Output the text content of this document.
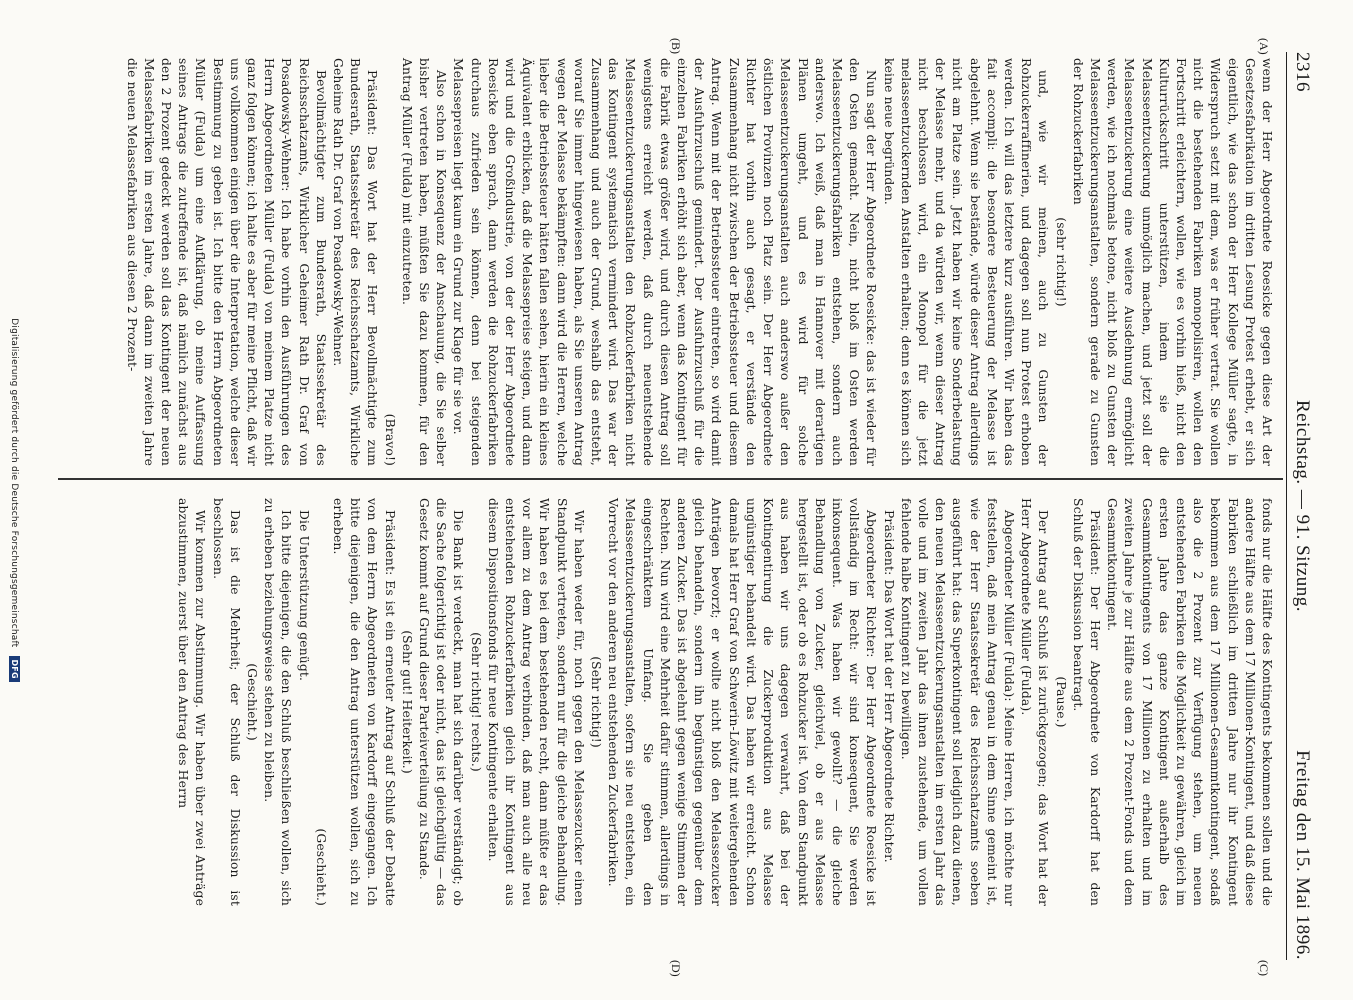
2316
Reichstag. — 91. Sitzung.
Freitag den 15. Mai 1896.
(A)
(B)
(C)
(D)

wenn der Herr Abgeordnete Roesicke gegen diese Art der Gesetzesfabrikation im dritten Lesung Protest erhebt, er sich eigentlich, wie das schon der Herr Kollege Müller sagte, in Widerspruch setzt mit dem, was er früher vertrat. Sie wollen nicht die bestehenden Fabriken monopolisiren, wollen den Fortschritt erleichtern, wollen, wie es vorhin hieß, nicht den Kulturrückschritt unterstützen, indem sie die Melasseentzuckerung unmöglich machen, und jetzt soll der Melasseentzuckerung eine weitere Ausdehnung ermöglicht werden, wie ich nochmals betone, nicht bloß zu Gunsten der Melasseentzuckerungsanstalten, sondern gerade zu Gunsten der Rohzuckerfabriken

(sehr richtig!)

und, wie wir meinen, auch zu Gunsten der Rohzuckerraffinerien, und dagegen soll nun Protest erhoben werden. Ich will das letztere kurz ausführen. Wir haben das fait accompli: die besondere Besteuerung der Melasse ist abgelehnt. Wenn sie bestände, würde dieser Antrag allerdings nicht am Platze sein. Jetzt haben wir keine Sonderbelastung der Melasse mehr, und da würden wir, wenn dieser Antrag nicht beschlossen wird, ein Monopol für die jetzt melasseentzuckernden Anstalten erhalten; denn es können sich keine neue begründen.

Nun sagt der Herr Abgeordnete Roesicke: das ist wieder für den Osten gemacht. Nein, nicht bloß im Osten werden Melasseentzuckerungsfabriken entstehen, sondern auch anderswo. Ich weiß, daß man in Hannover mit derartigen Plänen umgeht, und es wird für solche Melasseentzuckerungsanstalten auch anderswo außer den östlichen Provinzen noch Platz sein. Der Herr Abgeordnete Richter hat vorhin auch gesagt, er verstände den Zusammenhang nicht zwischen der Betriebssteuer und diesem Antrag. Wenn mit der Betriebssteuer eintreten, so wird damit der Ausfuhrzuschuß gemindert. Der Ausfuhrzuschuß für die einzelnen Fabriken erhöht sich aber, wenn das Kontingent für die Fabrik etwas größer wird, und durch diesen Antrag soll wenigstens erreicht werden, daß durch neuentstehende Melasseentzuckerungsanstalten den Rohzuckerfabriken nicht das Kontingent systematisch vermindert wird. Das war der Zusammenhang und auch der Grund, weshalb das entsteht, worauf Sie immer hingewiesen haben, als Sie unseren Antrag wegen der Melasse bekämpften: dann wird die Herren, welche lieber die Betriebssteuer hätten fallen sehen, hierin ein kleines Äquivalent erblicken, daß die Melassepreise steigen, und dann wird und die Großindustrie, von der der Herr Abgeordnete Roesicke eben sprach, dann werden die Rohzuckerfabriken durchaus zufrieden sein können, denn bei steigenden Melassepreisen liegt kaum ein Grund zur Klage für sie vor.

Also schon in Konsequenz der Anschauung, die Sie selber bisher vertreten haben, müßten Sie dazu kommen, für den Antrag Müller (Fulda) mit einzutreten.

(Bravo!)

Präsident: Das Wort hat der Herr Bevollmächtigte zum Bundesrath, Staatssekretär des Reichsschatzamts, Wirkliche Geheime Rath Dr. Graf von Posadowsky-Wehner.

Bevollmächtigter zum Bundesrath, Staatssekretär des Reichsschatzamts, Wirklicher Geheimer Rath Dr. Graf von Posadowsky-Wehner: Ich habe vorhin den Ausführungen des Herrn Abgeordneten Müller (Fulda) von meinem Platze nicht ganz folgen können; ich halte es aber für meine Pflicht, daß wir uns vollkommen einigen über die Interpretation, welche dieser Bestimmung zu geben ist. Ich bitte den Herrn Abgeordneten Müller (Fulda) um eine Aufklärung, ob meine Auffassung seines Antrags die zutreffende ist, daß nämlich zunächst aus den 2 Prozent gedeckt werden soll das Kontingent der neuen Melassefabriken im ersten Jahre, daß dann im zweiten Jahre die neuen Melassefabriken aus diesen 2 Prozent-

fonds nur die Hälfte des Kontingents bekommen sollen und die andere Hälfte aus dem 17 Millionen-Kontingent, und daß diese Fabriken schließlich im dritten Jahre nur ihr Kontingent bekommen aus dem 17 Millionen-Gesammtkontingent, sodaß also die 2 Prozent zur Verfügung stehen, um neuen entstehenden Fabriken die Möglichkeit zu gewähren, gleich im ersten Jahre das ganze Kontingent außerhalb des Gesammtkontingents von 17 Millionen zu erhalten und im zweiten Jahre je zur Hälfte aus dem 2 Prozent-Fonds und dem Gesammtkontingent.

Präsident: Der Herr Abgeordnete von Kardorff hat den Schluß der Diskussion beantragt.

(Pause.)

Der Antrag auf Schluß ist zurückgezogen; das Wort hat der Herr Abgeordnete Müller (Fulda).

Abgeordneter Müller (Fulda): Meine Herren, ich möchte nur feststellen, daß mein Antrag genau in dem Sinne gemeint ist, wie der Herr Staatssekretär des Reichsschatzamts soeben ausgeführt hat: das Superkontingent soll lediglich dazu dienen, den neuen Melasseentzuckerungsanstalten im ersten Jahr das volle und im zweiten Jahr das ihnen zustehende, um vollen fehlende halbe Kontingent zu bewilligen.

Präsident: Das Wort hat der Herr Abgeordnete Richter.

Abgeordneter Richter: Der Herr Abgeordnete Roesicke ist vollständig im Recht: wir sind konsequent, Sie werden inkonsequent. Was haben wir gewollt? — die gleiche Behandlung von Zucker, gleichviel, ob er aus Melasse hergestellt ist, oder ob es Rohzucker ist. Von dem Standpunkt aus haben wir uns dagegen verwahrt, daß bei der Kontingentirung die Zuckerproduktion aus Melasse ungünstiger behandelt wird. Das haben wir erreicht. Schon damals hat Herr Graf von Schwerin-Löwitz mit weitergehenden Anträgen bevorzt; er wollte nicht bloß den Melassezucker gleich behandeln, sondern ihn begünstigen gegenüber dem anderen Zucker. Das ist abgelehnt gegen wenige Stimmen der Rechten. Nun wird eine Mehrheit dafür stimmen, allerdings in eingeschränktem Umfang. Sie geben den Melasseentzuckerungsanstalten, sofern sie neu entstehen, ein Vorrecht vor den anderen neu entstehenden Zuckerfabriken.

(Sehr richtig!)

Wir haben weder für, noch gegen den Melassezucker einen Standpunkt vertreten, sondern nur für die gleiche Behandlung. Wir haben es bei dem bestehenden recht, dann müßte er das vor allem zu dem Antrag verbinden, daß man auch alle neu entstehenden Rohzuckerfabriken gleich ihr Kontingent aus diesem Dispositionsfonds für neue Kontingente erhalten.

(Sehr richtig! rechts.)

Die Bank ist verdeckt, man hat sich darüber verständigt; ob die Sache folgerichtig ist oder nicht, das ist gleichgültig — das Gesetz kommt auf Grund dieser Parteiverteilung zu Stande.

(Sehr gut! Heiterkeit.)

Präsident: Es ist ein erneuter Antrag auf Schluß der Debatte von dem Herrn Abgeordneten von Kardorff eingegangen. Ich bitte diejenigen, die den Antrag unterstützen wollen, sich zu erheben.

(Geschieht.)

Die Unterstützung genügt.

Ich bitte diejenigen, die den Schluß beschließen wollen, sich zu erheben beziehungsweise stehen zu bleiben.

(Geschieht.)

Das ist die Mehrheit; der Schluß der Diskussion ist beschlossen.

Wir kommen zur Abstimmung. Wir haben über zwei Anträge abzustimmen, zuerst über den Antrag des Herrn

Digitalisierung gefördert durch die Deutsche Forschungsgemeinschaft DFG
